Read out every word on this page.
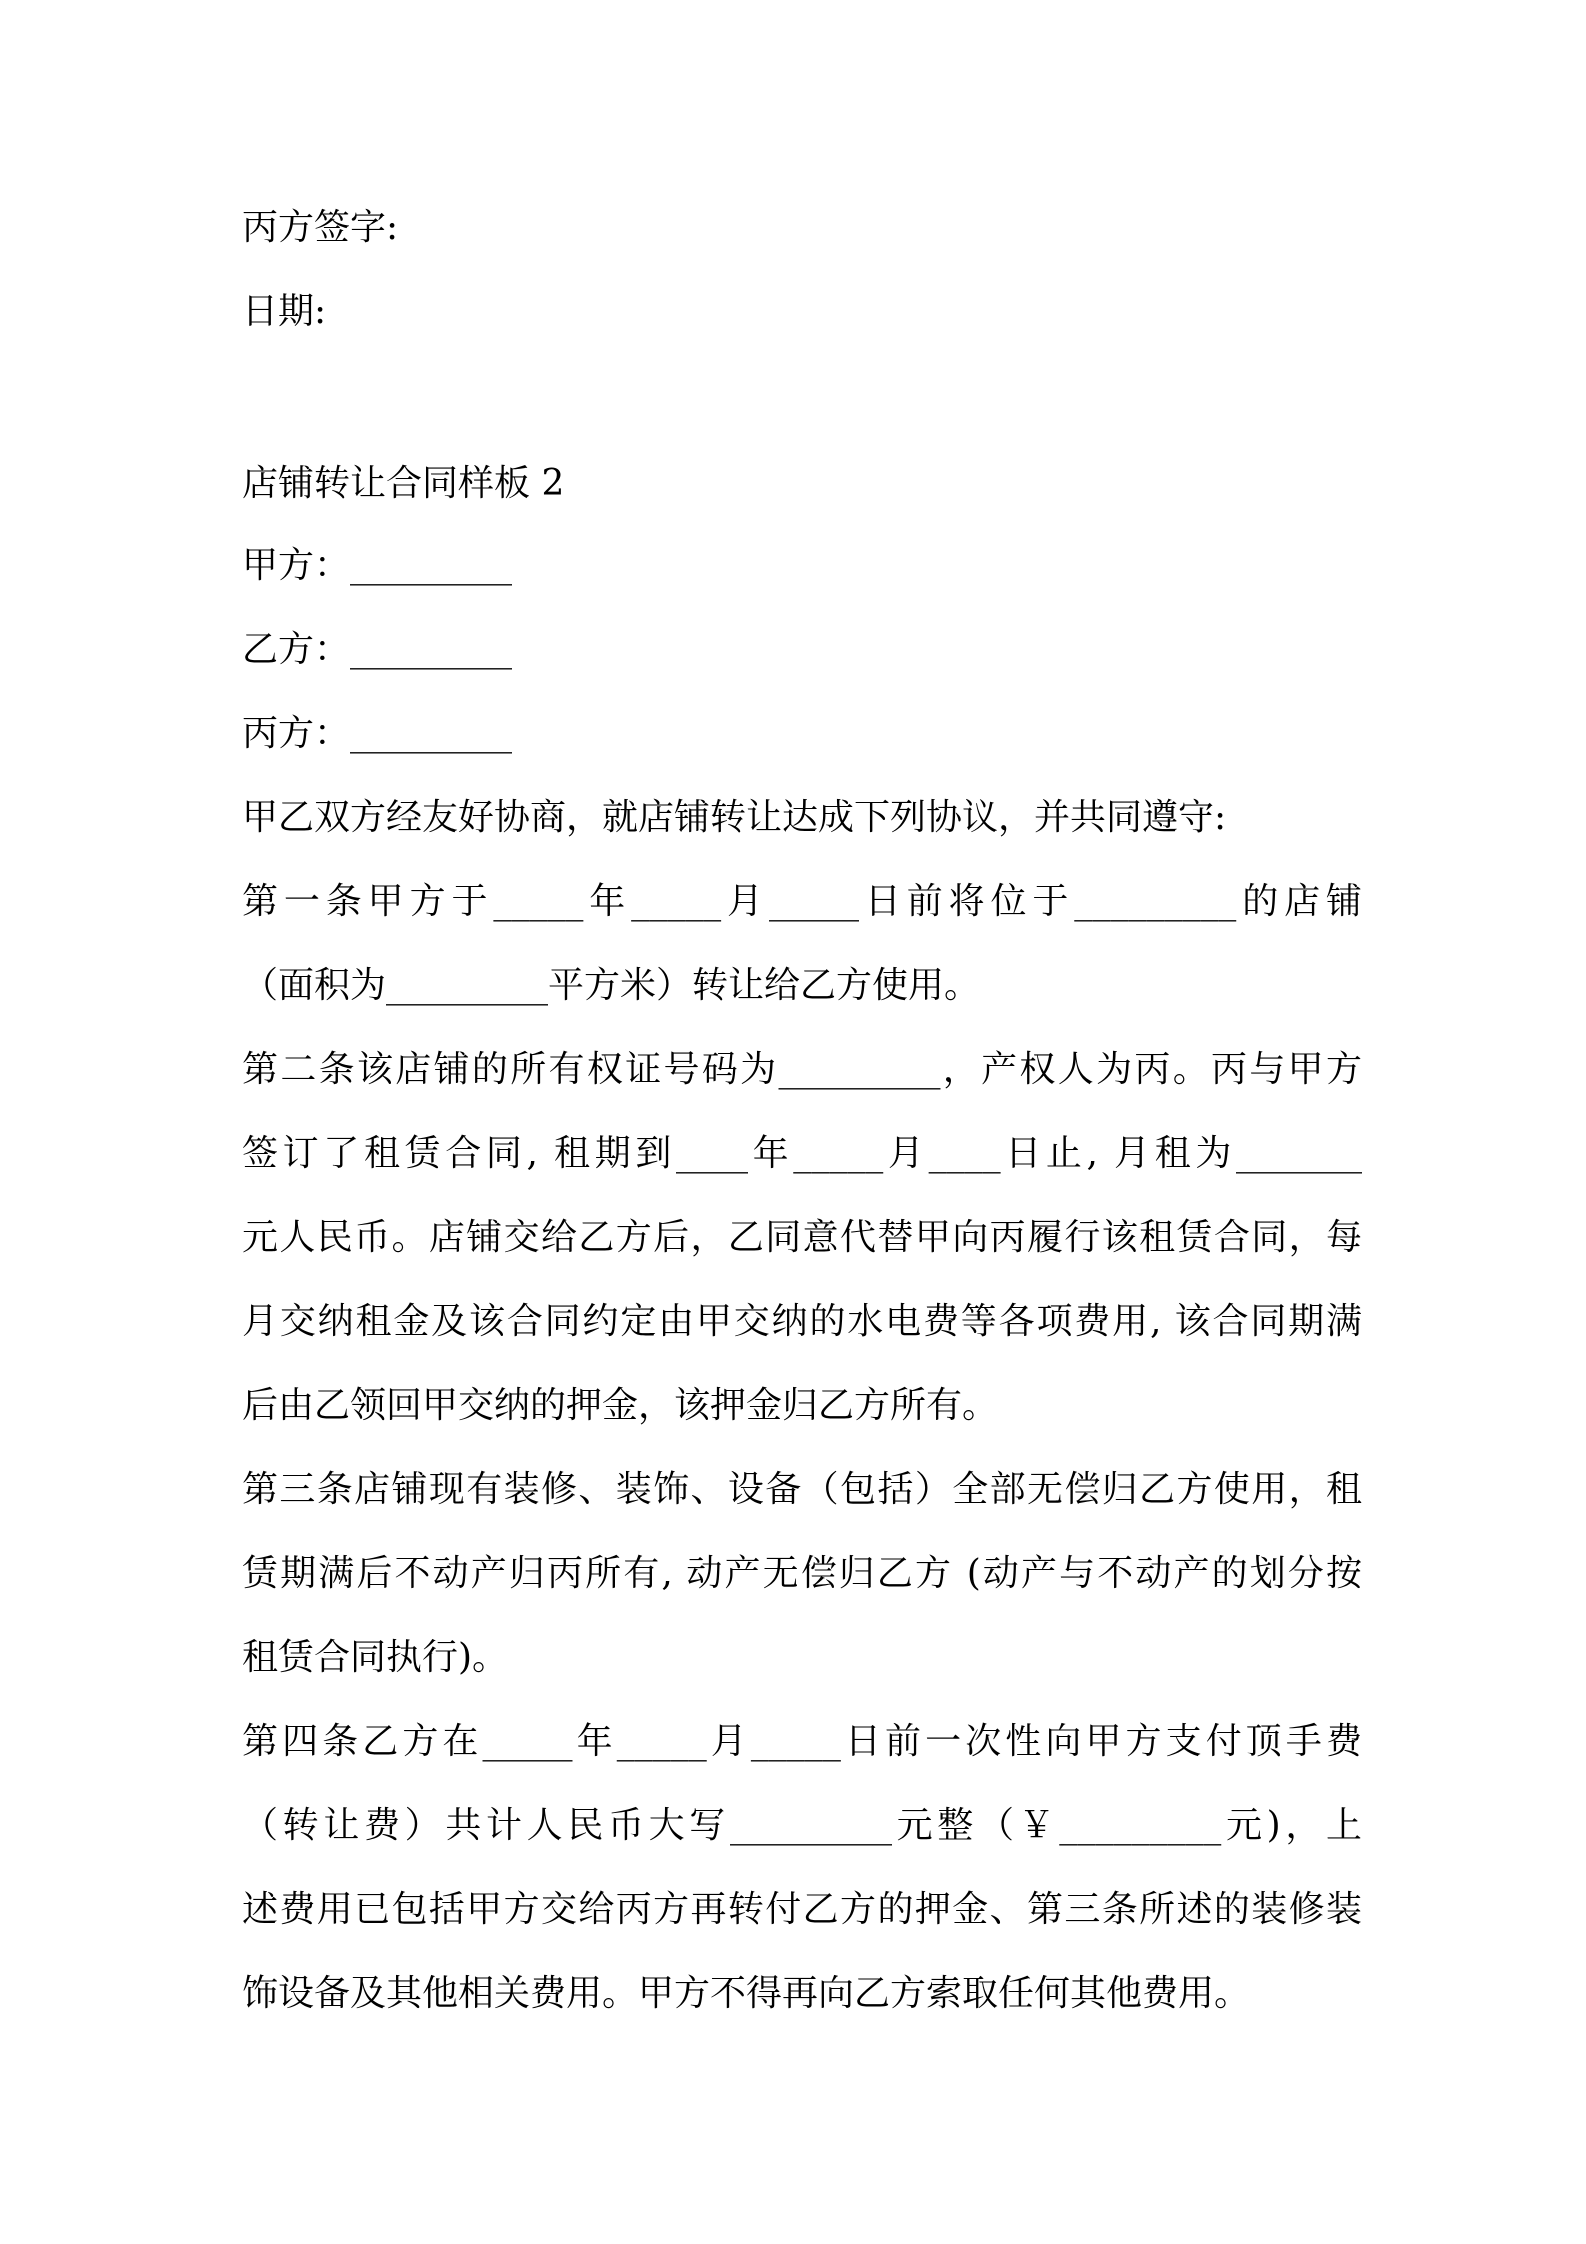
丙方签字:
日期:
店铺转让合同样板 2
甲方：_________
乙方：_________
丙方：_________
甲乙双方经友好协商，就店铺转让达成下列协议，并共同遵守:
第一条甲方于_____年_____月_____日前将位于_________的店铺
（面积为_________平方米）转让给乙方使用。
第二条该店铺的所有权证号码为_________，产权人为丙。丙与甲方
签订了租赁合同, 租期到____年_____月____日止, 月租为_______
元人民币。店铺交给乙方后，乙同意代替甲向丙履行该租赁合同，每
月交纳租金及该合同约定由甲交纳的水电费等各项费用, 该合同期满
后由乙领回甲交纳的押金，该押金归乙方所有。
第三条店铺现有装修、装饰、设备（包括）全部无偿归乙方使用，租
赁期满后不动产归丙所有, 动产无偿归乙方 (动产与不动产的划分按
租赁合同执行)。
第四条乙方在_____年_____月_____日前一次性向甲方支付顶手费
（转让费）共计人民币大写_________元整（￥_________元)，上
述费用已包括甲方交给丙方再转付乙方的押金、第三条所述的装修装
饰设备及其他相关费用。甲方不得再向乙方索取任何其他费用。
